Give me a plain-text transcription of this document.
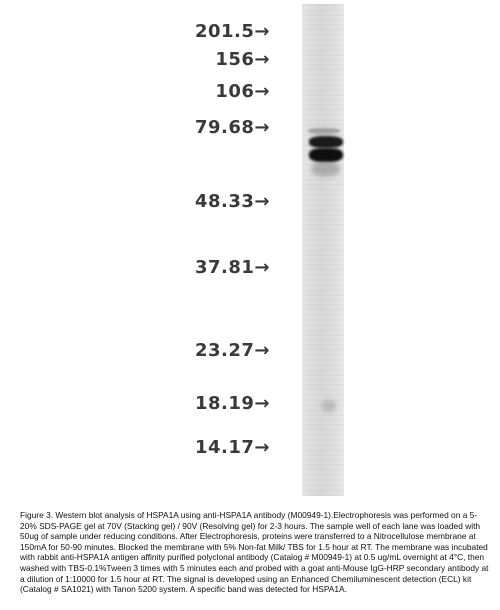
201.5→
156→
106→
79.68→
48.33→
37.81→
23.27→
18.19→
14.17→
Figure 3. Western blot analysis of HSPA1A using anti-HSPA1A antibody (M00949-1).Electrophoresis was performed on a 5-20% SDS-PAGE gel at 70V (Stacking gel) / 90V (Resolving gel) for 2-3 hours. The sample well of each lane was loaded with 50ug of sample under reducing conditions. After Electrophoresis, proteins were transferred to a Nitrocellulose membrane at 150mA for 50-90 minutes. Blocked the membrane with 5% Non-fat Milk/ TBS for 1.5 hour at RT. The membrane was incubated with rabbit anti-HSPA1A antigen affinity purified polyclonal antibody (Catalog # M00949-1) at 0.5 ug/mL overnight at 4°C, then washed with TBS-0.1%Tween 3 times with 5 minutes each and probed with a goat anti-Mouse IgG-HRP secondary antibody at a dilution of 1:10000 for 1.5 hour at RT. The signal is developed using an Enhanced Chemiluminescent detection (ECL) kit (Catalog # SA1021) with Tanon 5200 system. A specific band was detected for HSPA1A.
